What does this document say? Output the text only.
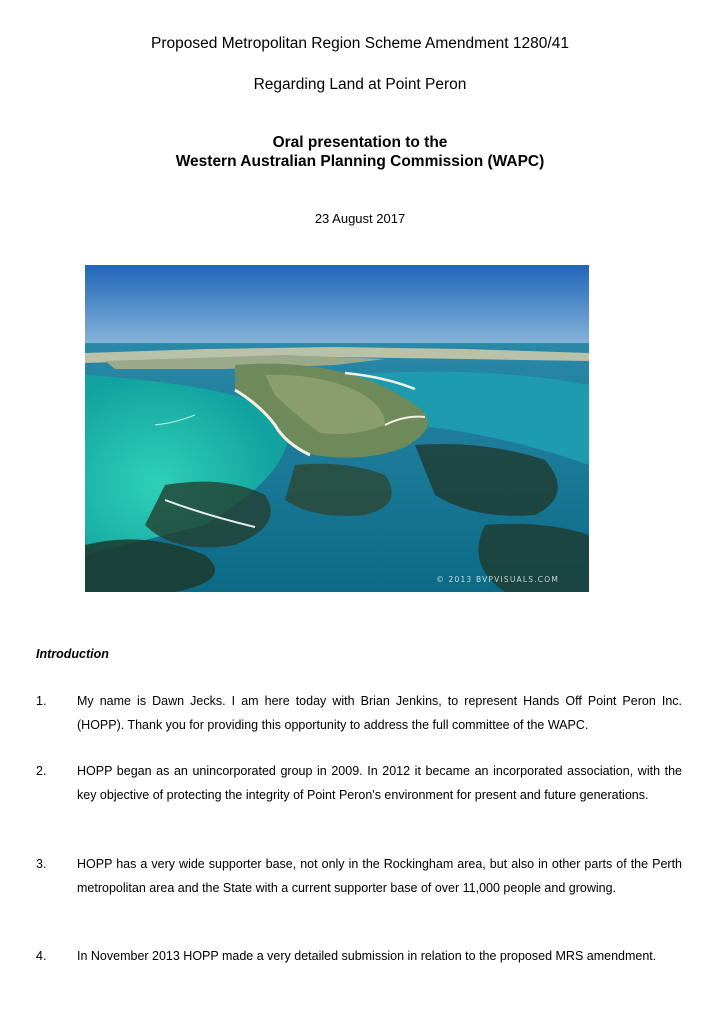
Proposed Metropolitan Region Scheme Amendment 1280/41
Regarding Land at Point Peron
Oral presentation to the
Western Australian Planning Commission (WAPC)
23 August 2017
© 2013 BVPVISUALS.COM
Introduction
1. My name is Dawn Jecks. I am here today with Brian Jenkins, to represent Hands Off Point Peron Inc. (HOPP). Thank you for providing this opportunity to address the full committee of the WAPC.
2. HOPP began as an unincorporated group in 2009. In 2012 it became an incorporated association, with the key objective of protecting the integrity of Point Peron's environment for present and future generations.
3. HOPP has a very wide supporter base, not only in the Rockingham area, but also in other parts of the Perth metropolitan area and the State with a current supporter base of over 11,000 people and growing.
4. In November 2013 HOPP made a very detailed submission in relation to the proposed MRS amendment.
